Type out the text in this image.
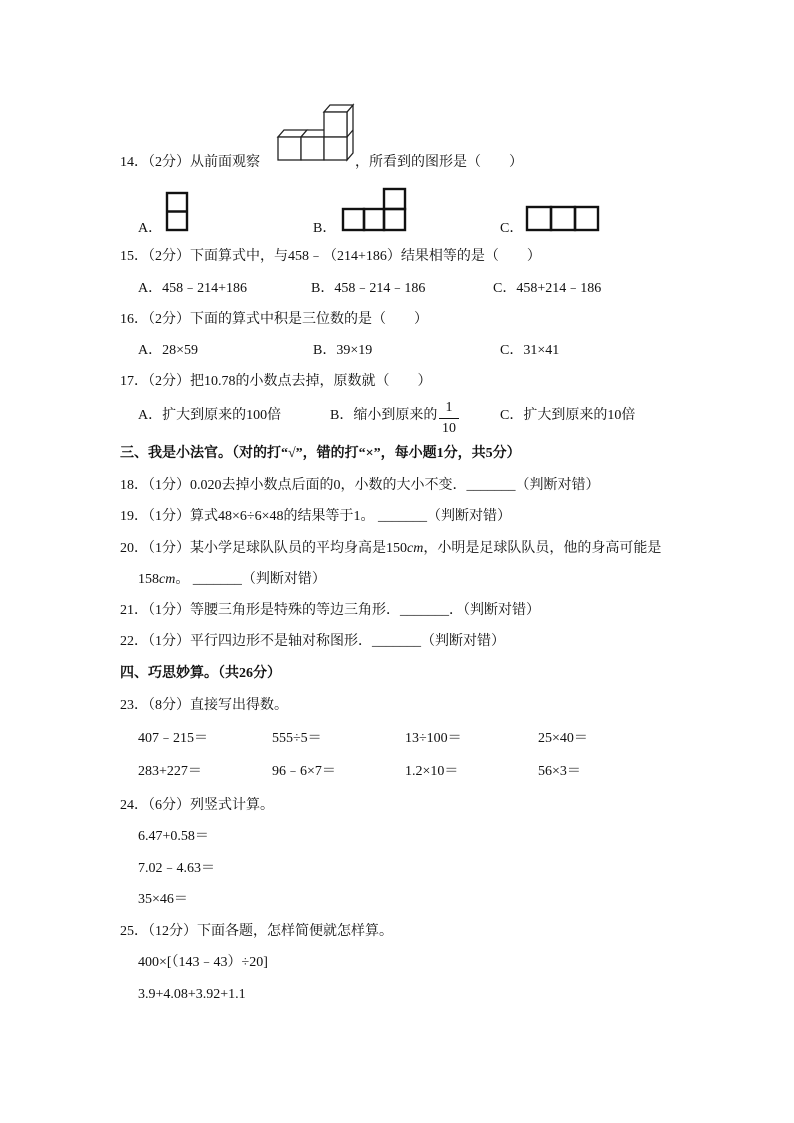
14．（2分）从前面观察	，所看到的图形是（　　）
A．	B．	C．
15．（2分）下面算式中，与458﹣（214+186）结果相等的是（　　）
A．458﹣214+186	B．458﹣214﹣186	C．458+214﹣186
16．（2分）下面的算式中积是三位数的是（　　）
A．28×59	B．39×19	C．31×41
17．（2分）把10.78的小数点去掉，原数就（　　）
A．扩大到原来的100倍	B．缩小到原来的 $\frac{1}{10}$	C．扩大到原来的10倍
三、我是小法官。（对的打“√”，错的打“×”，每小题1分，共5分）
18．（1分）0.020去掉小数点后面的0，小数的大小不变．_______（判断对错）
19．（1分）算式48×6÷6×48的结果等于1。 _______（判断对错）
20．（1分）某小学足球队队员的平均身高是150cm，小明是足球队队员，他的身高可能是
158cm。 _______（判断对错）
21．（1分）等腰三角形是特殊的等边三角形．_______．（判断对错）
22．（1分）平行四边形不是轴对称图形．_______（判断对错）
四、巧思妙算。（共26分）
23．（8分）直接写出得数。
407﹣215＝	555÷5＝	13÷100＝	25×40＝
283+227＝	96﹣6×7＝	1.2×10＝	56×3＝
24．（6分）列竖式计算。
6.47+0.58＝
7.02﹣4.63＝
35×46＝
25．（12分）下面各题，怎样简便就怎样算。
400×[（143﹣43）÷20]
3.9+4.08+3.92+1.1
